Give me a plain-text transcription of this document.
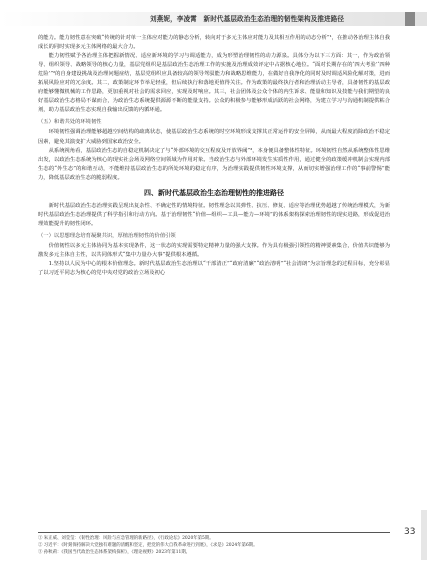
刘燕妮，李凌霄　新时代基层政治生态治理的韧性架构及推进路径

的能力。能力韧性意在突破“传统的针对单一主体应对能力的静态分析，转向对于多元主体应对能力及其相互作用的动态分析”¹，在推动各治理主体自我成长的同时实现多元主体网络的最大合力。

能力韧性赋予各治理主体把握新情况、适应新环境的学习与调适能力，成为形塑治理韧性的动力源泉。具体分为以下三方面：其一，作为政治领导、组织领导、战略领导的核心力量，基层党组织是基层政治生态治理工作的实施及治理成效评定中占据核心地位。“面对长期存在的‘四大考验’‘四种危险’”²的自身建设挑战及治理问题症结，基层党组织应具备较高的领导驾驭能力和战略思维能力，在做好自我净化的同时及时调适风险化解对策，进而拓展风险应对的冗余度。其二，政策制定环节举足轻重，但后续执行和落地更值得关注。作为政策的最终执行者和治理活动主导者，具备韧性的基层政府能够懂微机械的工作思路，更加重视对社会的需求回应，实现及时响应。其三，社会团体及公众个体的内生诉求、能量和知识及技能与我们期望的良好基层政治生态格局不谋而合，为政治生态系统提供源源不断的能量支持。公众的积极参与能够形成活跃的社会网络，为建立学习与沟通机制提供粘合剂，助力基层政治生态实现自我输出反馈的内循环通。

（五）和谐共处的环境韧性

环境韧性强调治理能够超越空间结构的疏离状态，使基层政治生态系统的时空环境形成支撑其正常运作的安全屏障，从而最大程度消除政治不稳定因素，避免其演变扩大威胁到国家政治安全。

从系统视角看，基层政治生态的自稳定机制决定了与“外部环境的交互程度及开放界阈”³，本身便具备整体性特征。环境韧性自然从系统整体性思维出发，以政治生态系统为核心的现实社会场及网络空间领域为作用对象。当政治生态与外部环境发生实质性作用，通过健全的政策缓冲机制会实现内部生态的“外生态”的和谐互动，不能维持基层政治生态的所处环境的稳定有序，为治理实践提供韧性环境支撑，从而切实增强治理工作的“事前警惕”能力，降低基层政治生态的脆弱程度。

四、新时代基层政治生态治理韧性的推进路径

新时代基层政治生态治理实践呈现出复杂性、不确定性的情境特征。韧性理念以其弹性、抗压、修复、适应等治理优势超越了传统治理模式，为新时代基层政治生态治理提供了科学指引和行动方向。基于治理韧性“价值—组织—工具—能力—环境”的体系架构探索治理韧性的现实进路，形成促进治理效能提升的韧性闭环。

（一）以思想理念培育凝聚共识，厚植治理韧性的价值引领

价值韧性以多元主体协同为基本实现条件，这一状态的实现需要特定精神力量的强大支撑。作为具有极强引领性的精神要素集合，价值共识能够为激发多元主体自主性，以共同体形式“集中力量办大事”提供根本遵循。

1.坚持以人民为中心的根本价值理念。新时代基层政治生态治理以“干部清正”“政府清廉”“政治清明”“社会清朗”为宗旨理念的过程目标，充分彰显了以习近平同志为核心的党中央对党的政治立场及初心

① 朱正威、刘莹莹：《韧性治理：风险与应急管理的新路径》，《行政论坛》2020年第5期。
② 习近平：《时刻保持解决大党独有难题的清醒和坚定，把党的伟大自我革命进行到底》，《求是》2024年第6期。
③ 孙秋莉：《我国当代政治生态体系架构探析》，《理论视野》2023年第11期。
33
